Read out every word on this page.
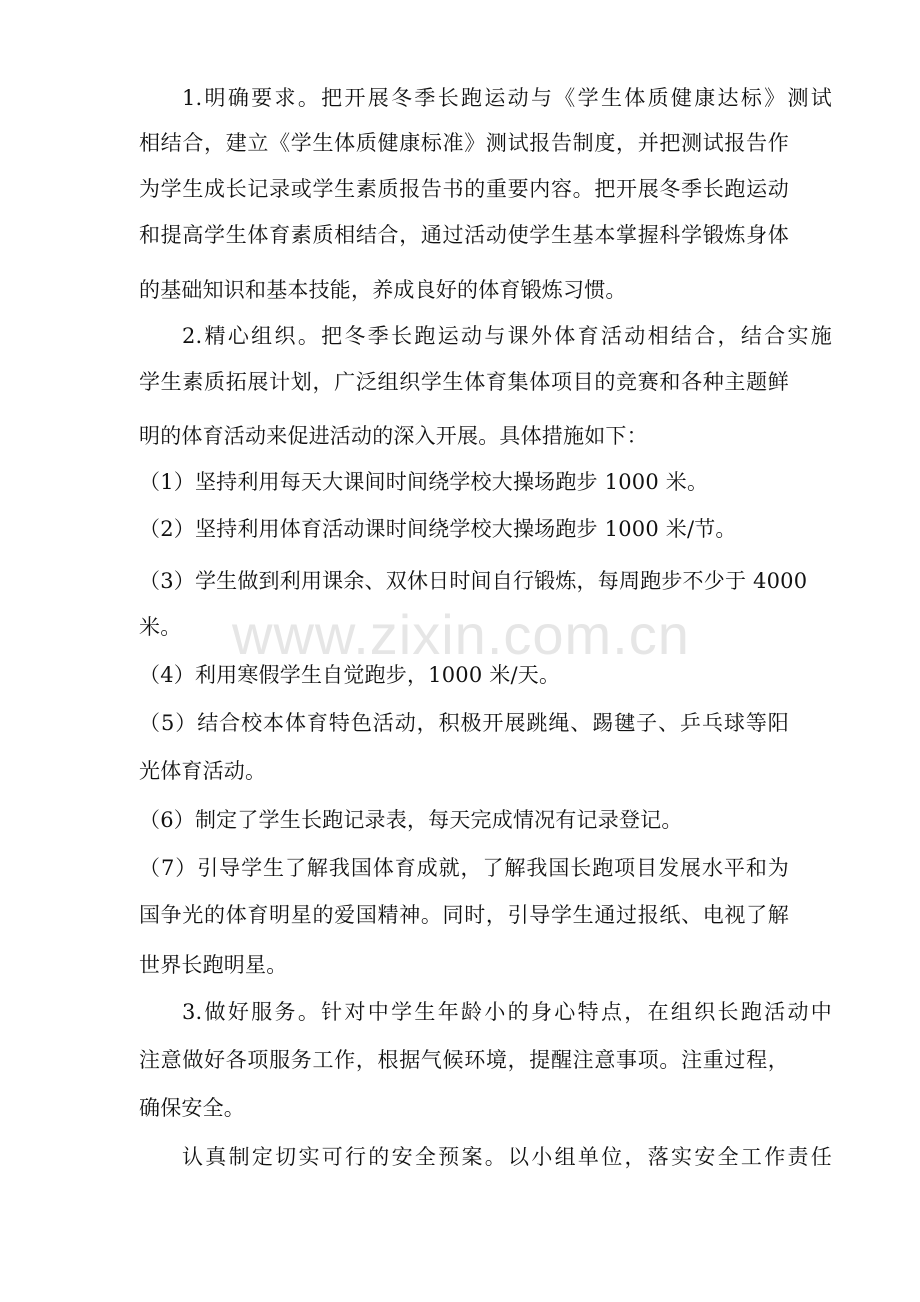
1.明确要求。把开展冬季长跑运动与《学生体质健康达标》测试
相结合，建立《学生体质健康标准》测试报告制度，并把测试报告作
为学生成长记录或学生素质报告书的重要内容。把开展冬季长跑运动
和提高学生体育素质相结合，通过活动使学生基本掌握科学锻炼身体
的基础知识和基本技能，养成良好的体育锻炼习惯。
2.精心组织。把冬季长跑运动与课外体育活动相结合，结合实施
学生素质拓展计划，广泛组织学生体育集体项目的竞赛和各种主题鲜
明的体育活动来促进活动的深入开展。具体措施如下：
（1）坚持利用每天大课间时间绕学校大操场跑步 1000 米。
（2）坚持利用体育活动课时间绕学校大操场跑步 1000 米/节。
（3）学生做到利用课余、双休日时间自行锻炼，每周跑步不少于 4000
米。
（4）利用寒假学生自觉跑步，1000 米/天。
（5）结合校本体育特色活动，积极开展跳绳、踢毽子、乒乓球等阳
光体育活动。
（6）制定了学生长跑记录表，每天完成情况有记录登记。
（7）引导学生了解我国体育成就，了解我国长跑项目发展水平和为
国争光的体育明星的爱国精神。同时，引导学生通过报纸、电视了解
世界长跑明星。
3.做好服务。针对中学生年龄小的身心特点，在组织长跑活动中
注意做好各项服务工作，根据气候环境，提醒注意事项。注重过程，
确保安全。
认真制定切实可行的安全预案。以小组单位，落实安全工作责任
www.zixin.com.cn
